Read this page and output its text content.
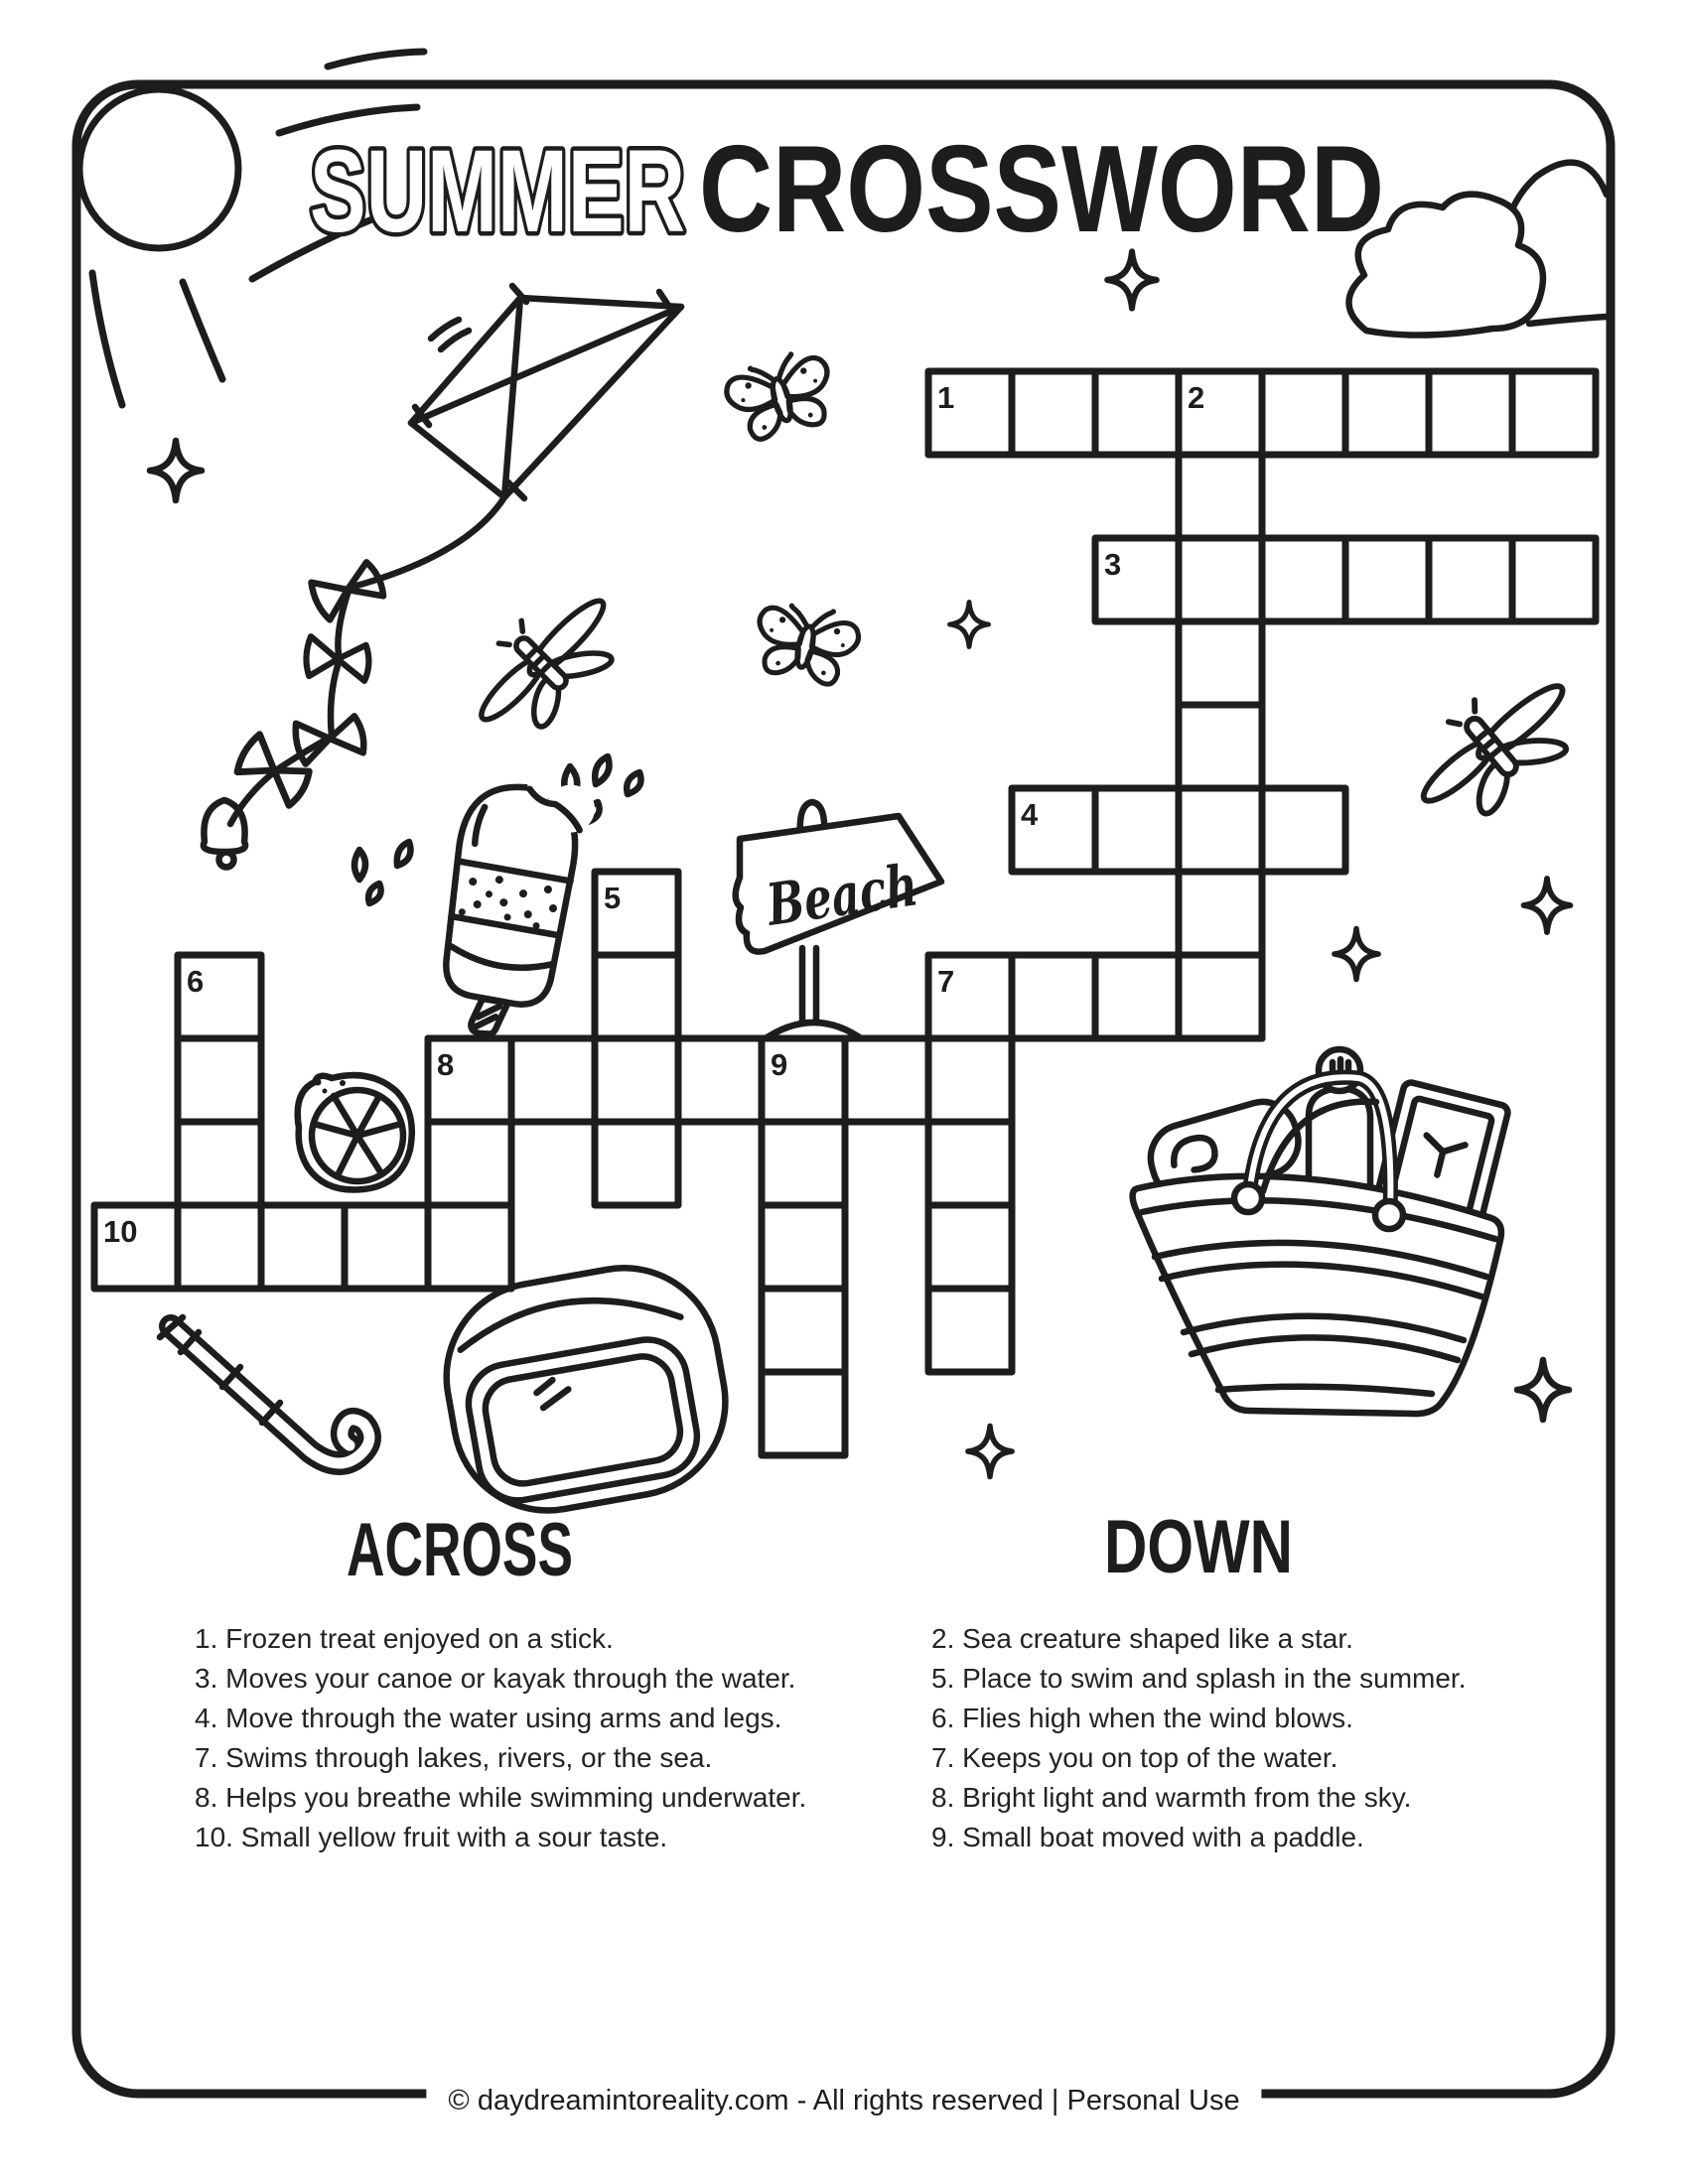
Beach
SUMMER CROSSWORD
ACROSS	DOWN
1	2
3
4
5
6	7
8	9
10

1. Frozen treat enjoyed on a stick.

3. Moves your canoe or kayak through the water.

4. Move through the water using arms and legs.

7. Swims through lakes, rivers, or the sea.

8. Helps you breathe while swimming underwater.

10. Small yellow fruit with a sour taste.

2. Sea creature shaped like a star.

5. Place to swim and splash in the summer.

6. Flies high when the wind blows.

7. Keeps you on top of the water.

8. Bright light and warmth from the sky.

9. Small boat moved with a paddle.

© daydreamintoreality.com - All rights reserved | Personal Use
